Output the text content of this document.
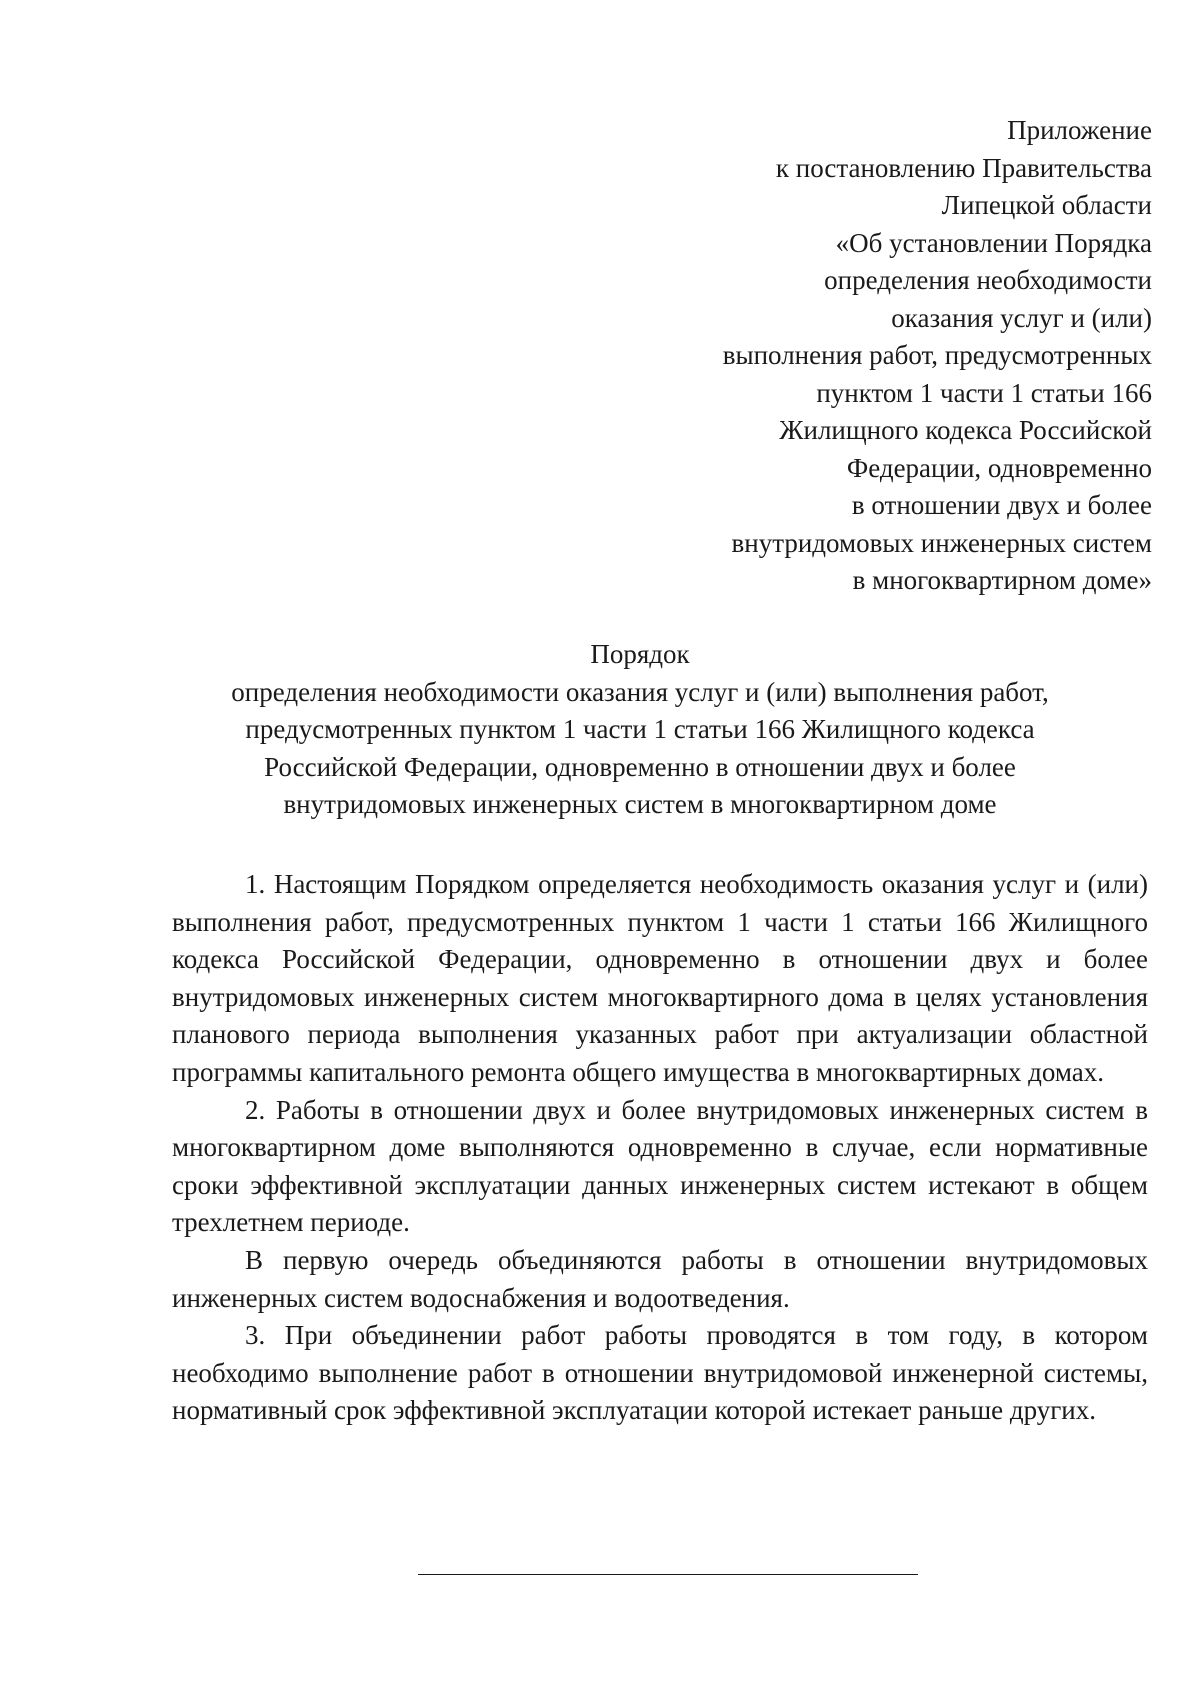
Приложение
к постановлению Правительства
Липецкой области
«Об установлении Порядка
определения необходимости
оказания услуг и (или)
выполнения работ, предусмотренных
пунктом 1 части 1 статьи 166
Жилищного кодекса Российской
Федерации, одновременно
в отношении двух и более
внутридомовых инженерных систем
в многоквартирном доме»
Порядок
определения необходимости оказания услуг и (или) выполнения работ,
предусмотренных пунктом 1 части 1 статьи 166 Жилищного кодекса
Российской Федерации, одновременно в отношении двух и более
внутридомовых инженерных систем в многоквартирном доме

1. Настоящим Порядком определяется необходимость оказания услуг и (или) выполнения работ, предусмотренных пунктом 1 части 1 статьи 166 Жилищного кодекса Российской Федерации, одновременно в отношении двух и более внутридомовых инженерных систем многоквартирного дома в целях установления планового периода выполнения указанных работ при актуализации областной программы капитального ремонта общего имущества в многоквартирных домах.

2. Работы в отношении двух и более внутридомовых инженерных систем в многоквартирном доме выполняются одновременно в случае, если нормативные сроки эффективной эксплуатации данных инженерных систем истекают в общем трехлетнем периоде.

В первую очередь объединяются работы в отношении внутридомовых инженерных систем водоснабжения и водоотведения.

3. При объединении работ работы проводятся в том году, в котором необходимо выполнение работ в отношении внутридомовой инженерной системы, нормативный срок эффективной эксплуатации которой истекает раньше других.
